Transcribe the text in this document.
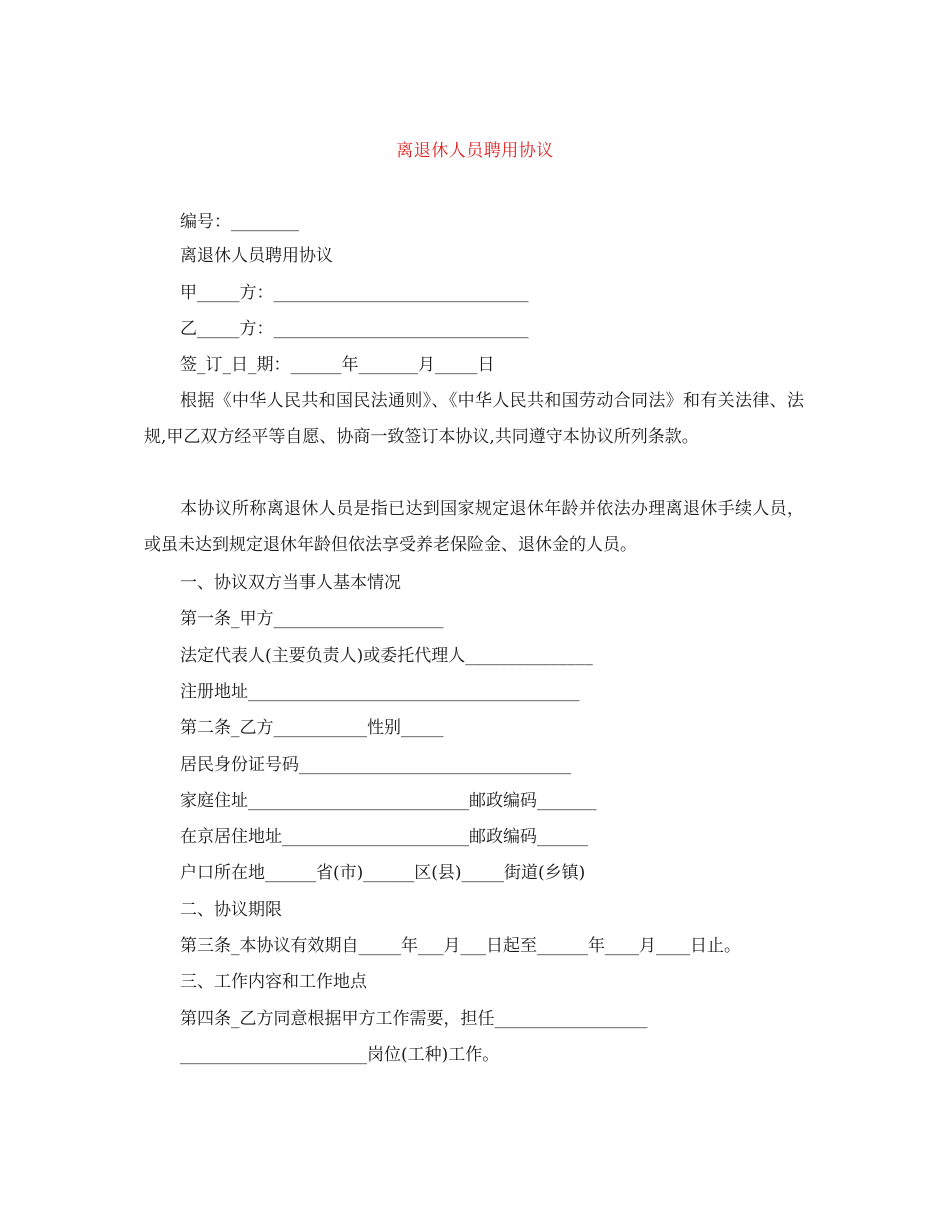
离退休人员聘用协议
编号：________
离退休人员聘用协议
甲_____方：______________________________
乙_____方：______________________________
签_订_日_期：______年_______月_____日
根据《中华人民共和国民法通则》、《中华人民共和国劳动合同法》和有关法律、法规,甲乙双方经平等自愿、协商一致签订本协议,共同遵守本协议所列条款。
本协议所称离退休人员是指已达到国家规定退休年龄并依法办理离退休手续人员，或虽未达到规定退休年龄但依法享受养老保险金、退休金的人员。
一、协议双方当事人基本情况
第一条_甲方____________________
法定代表人(主要负责人)或委托代理人_______________
注册地址_______________________________________
第二条_乙方___________性别_____
居民身份证号码________________________________
家庭住址__________________________邮政编码_______
在京居住地址______________________邮政编码______
户口所在地______省(市)______区(县)_____街道(乡镇)
二、协议期限
第三条_本协议有效期自_____年___月___日起至______年____月____日止。
三、工作内容和工作地点
第四条_乙方同意根据甲方工作需要，担任__________________
______________________岗位(工种)工作。
